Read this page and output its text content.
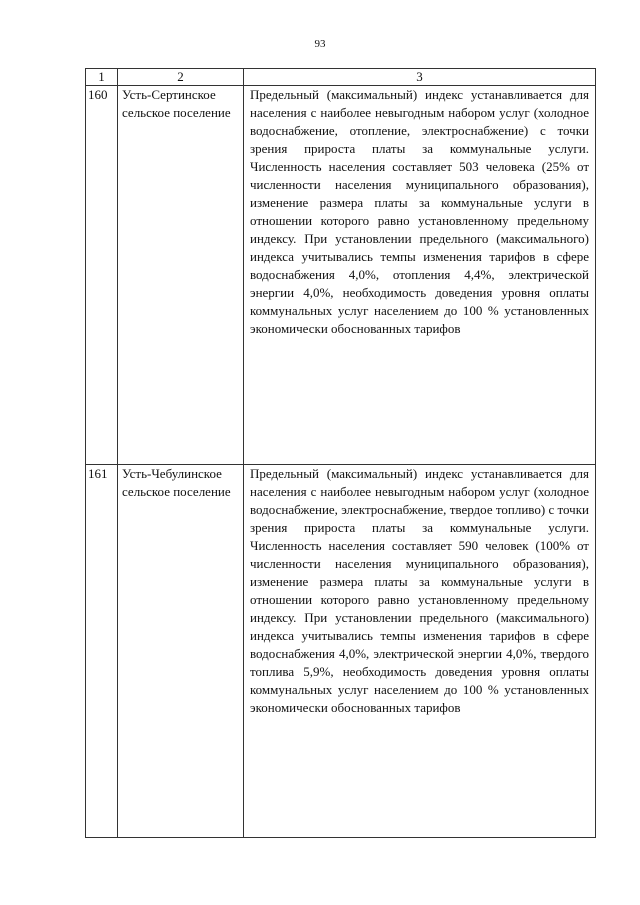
93
1	2	3
160	Усть-Сертинское сельское поселение	Предельный (максимальный) индекс устанавливается для населения с наиболее невыгодным набором услуг (холодное водоснабжение, отопление, электроснабжение) с точки зрения прироста платы за коммунальные услуги. Численность населения составляет 503 человека (25% от численности населения муниципального образования), изменение размера платы за коммунальные услуги в отношении которого равно установленному предельному индексу. При установлении предельного (максимального) индекса учитывались темпы изменения тарифов в сфере водоснабжения 4,0%, отопления 4,4%, электрической энергии 4,0%, необходимость доведения уровня оплаты коммунальных услуг населением до 100 % установленных экономически обоснованных тарифов
161	Усть-Чебулинское сельское поселение	Предельный (максимальный) индекс устанавливается для населения с наиболее невыгодным набором услуг (холодное водоснабжение, электроснабжение, твердое топливо) с точки зрения прироста платы за коммунальные услуги. Численность населения составляет 590 человек (100% от численности населения муниципального образования), изменение размера платы за коммунальные услуги в отношении которого равно установленному предельному индексу. При установлении предельного (максимального) индекса учитывались темпы изменения тарифов в сфере водоснабжения 4,0%, электрической энергии 4,0%, твердого топлива 5,9%, необходимость доведения уровня оплаты коммунальных услуг населением до 100 % установленных экономически обоснованных тарифов
